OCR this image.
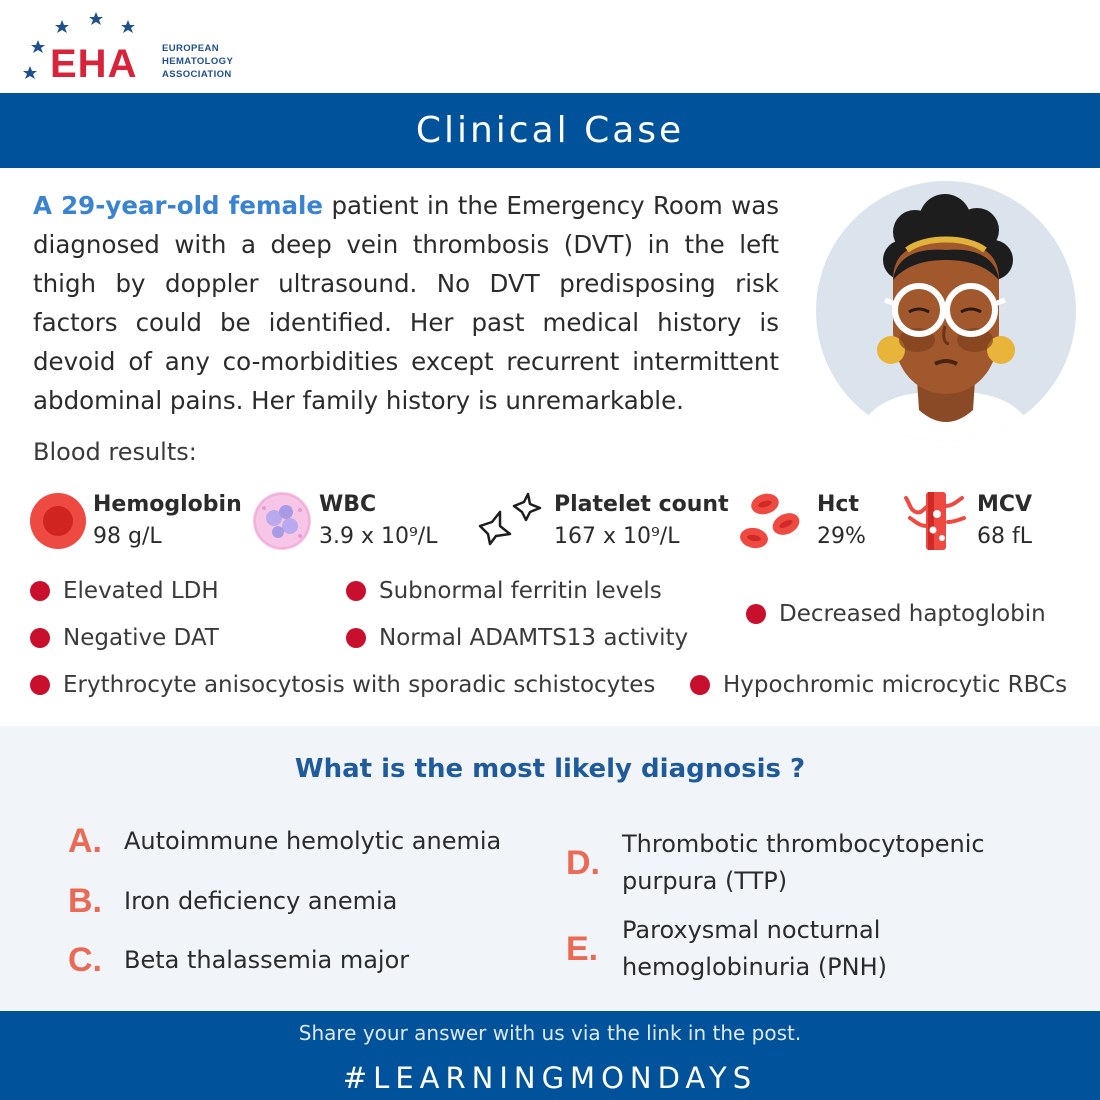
EHA	EUROPEAN
HEMATOLOGY
ASSOCIATION
Clinical Case
A 29-year-old female patient in the Emergency Room was diagnosed with a deep vein thrombosis (DVT) in the left thigh by doppler ultrasound. No DVT predisposing risk factors could be identified. Her past medical history is devoid of any co-morbidities except recurrent intermittent abdominal pains. Her family history is unremarkable.
Blood results:
Hemoglobin
98 g/L
WBC
3.9 x 10⁹/L
Platelet count
167 x 10⁹/L
Hct
29%
MCV
68 fL
Elevated LDH
Negative DAT
Subnormal ferritin levels
Normal ADAMTS13 activity
Decreased haptoglobin
Erythrocyte anisocytosis with sporadic schistocytes	Hypochromic microcytic RBCs
What is the most likely diagnosis ?
A. Autoimmune hemolytic anemia
B. Iron deficiency anemia
C. Beta thalassemia major
D. Thrombotic thrombocytopenic
purpura (TTP)
E. Paroxysmal nocturnal
hemoglobinuria (PNH)
Share your answer with us via the link in the post.
#LEARNINGMONDAYS
